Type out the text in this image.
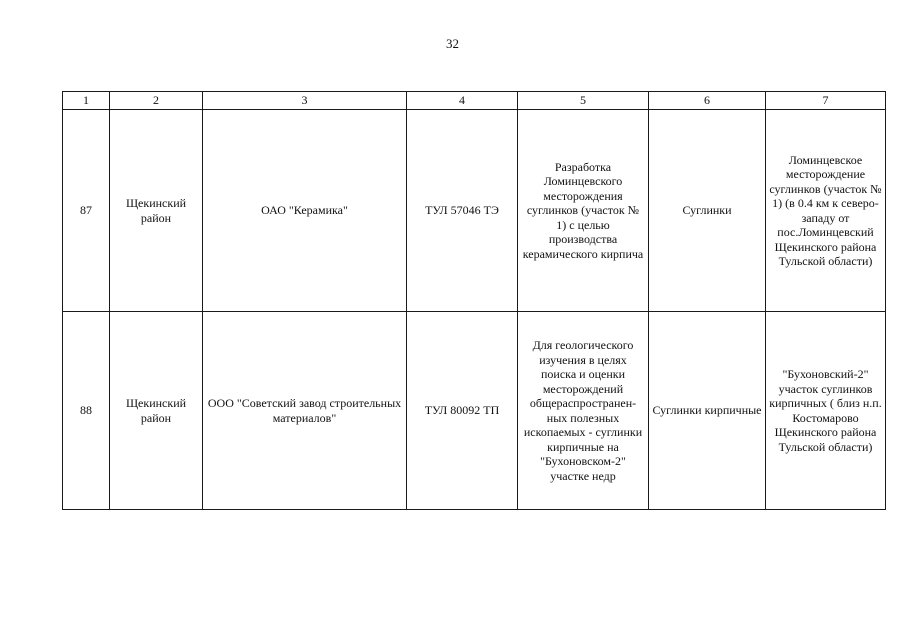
32
1	2	3	4	5	6	7

87	Щекинский район	ОАО "Керамика"	ТУЛ 57046 ТЭ	Разработка Ломинцевского месторождения суглинков (участок № 1) с целью производства керамического кирпича	Суглинки	Ломинцевское месторождение суглинков (участок № 1) (в 0.4 км к северо-западу от пос.Ломинцевский Щекинского района Тульской области)

88	Щекинский район	ООО "Советский завод строительных материалов"	ТУЛ 80092 ТП	Для геологического изучения в целях поиска и оценки месторождений общераспространен-ных полезных ископаемых - суглинки кирпичные на "Бухоновском-2" участке недр	Суглинки кирпичные	"Бухоновский-2" участок суглинков кирпичных ( близ н.п. Костомарово Щекинского района Тульской области)
